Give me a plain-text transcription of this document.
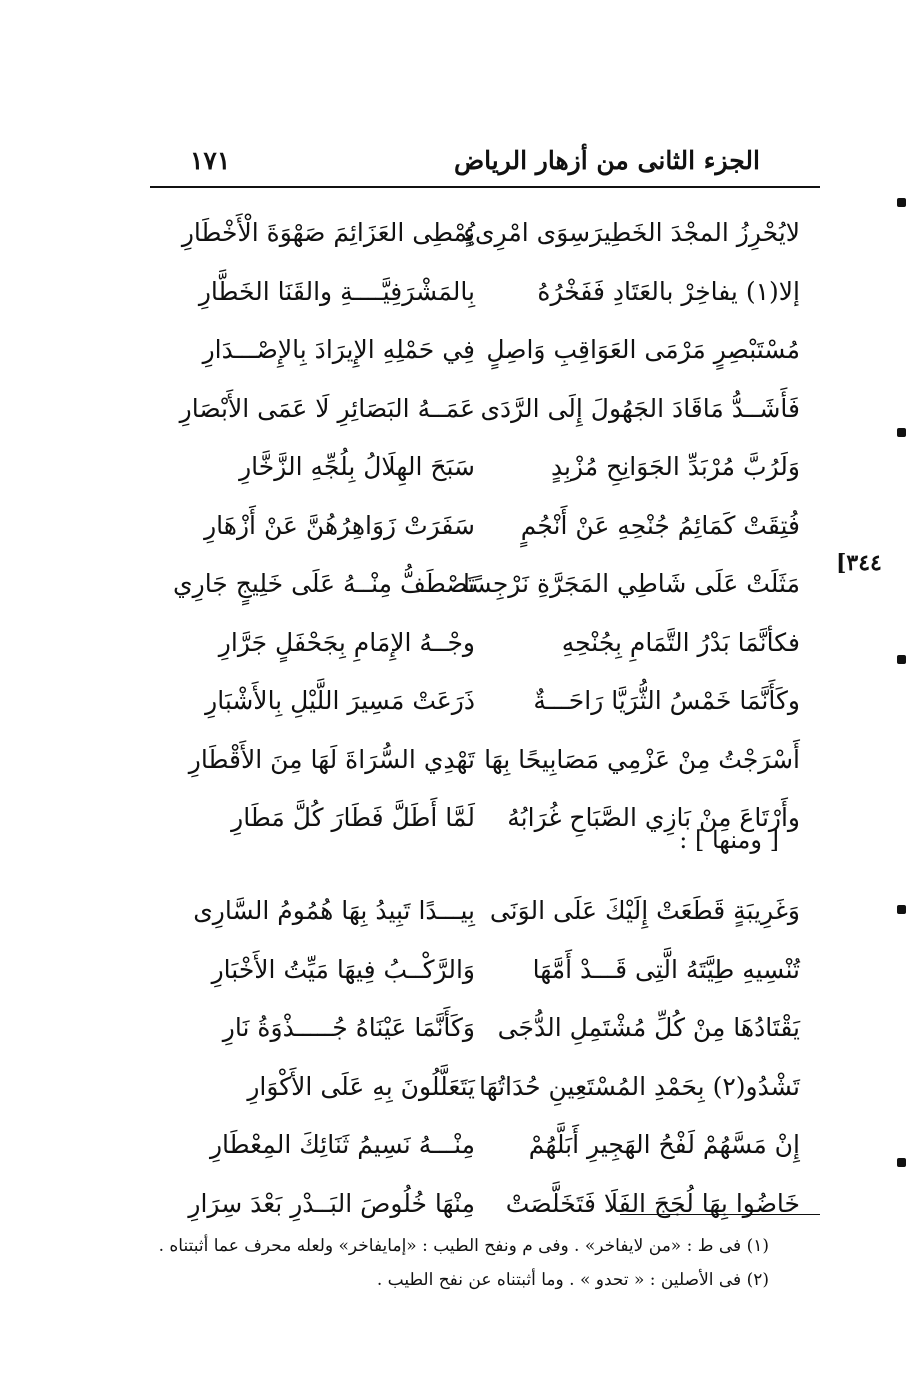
الجزء الثانى من أزهار الرياض
١٧١
[٣٤٤
لايُحْرِزُ المجْدَ الخَطِيرَسِوَى امْرِىءٍ
يُمْطِى العَزَائِمَ صَهْوَةَ الْأَخْطَارِ
إلا(١) يفاخِرْ بالعَتَادِ فَفَخْرُهُ
بِالمَشْرَفِيَّــــةِ والقَنَا الخَطَّارِ
مُسْتَبْصِرٍ مَرْمَى العَوَاقِبِ وَاصِلٍ
فِي حَمْلِهِ الإِيرَادَ بِالإِصْـــدَارِ
فَأَشَــدُّ مَاقَادَ الجَهُولَ إِلَى الرَّدَى
عَمَــهُ البَصَائِرِ لَا عَمَى الأَبْصَارِ
وَلَرُبَّ مُرْبَدِّ الجَوَانِحِ مُزْبِدٍ
سَبَحَ الهِلَالُ بِلُجِّهِ الزَّخَّارِ
فُتِقَتْ كَمَائِمُ جُنْحِهِ عَنْ أَنْجُمٍ
سَفَرَتْ زَوَاهِرُهُنَّ عَنْ أَزْهَارِ
مَثَلَتْ عَلَى شَاطِي المَجَرَّةِ نَرْجِسًا
تَصْطَفُّ مِنْــهُ عَلَى خَلِيجٍ جَارِي
فكأنَّمَا بَدْرُ التَّمَامِ بِجُنْحِهِ
وجْــهُ الإِمَامِ بِجَحْفَلٍ جَرَّارِ
وكَأَنَّمَا خَمْسُ الثُّرَيَّا رَاحَـــةٌ
ذَرَعَتْ مَسِيرَ اللَّيْلِ بِالأَشْبَارِ
أَسْرَجْتُ مِنْ عَزْمِي مَصَابِيحًا بِهَا
تَهْدِي السُّرَاةَ لَهَا مِنَ الأَقْطَارِ
وأَرْتَاعَ مِنْ بَازِي الصَّبَاحِ غُرَابُهُ
لَمَّا أَطَلَّ فَطَارَ كُلَّ مَطَارِ
[ ومنها ] :
وَغَرِيبَةٍ قَطَعَتْ إِلَيْكَ عَلَى الوَنَى
بِيـــدًا تَبِيدُ بِهَا هُمُومُ السَّارِى
تُنْسِيهِ طِيَّتَهُ الَّتِى قَـــدْ أَمَّهَا
وَالرَّكْــبُ فِيهَا مَيِّتُ الأَخْبَارِ
يَقْتَادُهَا مِنْ كُلِّ مُشْتَمِلِ الدُّجَى
وَكَأَنَّمَا عَيْنَاهُ جُـــــذْوَةُ نَارِ
تَشْدُو(٢) بِحَمْدِ المُسْتَعِينِ حُدَاتُهَا
يَتَعَلَّلُونَ بِهِ عَلَى الأَكْوَارِ
إِنْ مَسَّهُمْ لَفْحُ الهَجِيرِ أَبَلَّهُمْ
مِنْـــهُ نَسِيمُ ثَنَائِكَ المِعْطَارِ
خَاضُوا بِهَا لُجَجَ الفَلَا فَتَخَلَّصَتْ
مِنْهَا خُلُوصَ البَــدْرِ بَعْدَ سِرَارِ
(١) فى ط : «من لايفاخر» . وفى م ونفح الطيب : «إمايفاخر» ولعله محرف عما أثبتناه .
(٢) فى الأصلين : « تحدو » . وما أثبتناه عن نفح الطيب .
